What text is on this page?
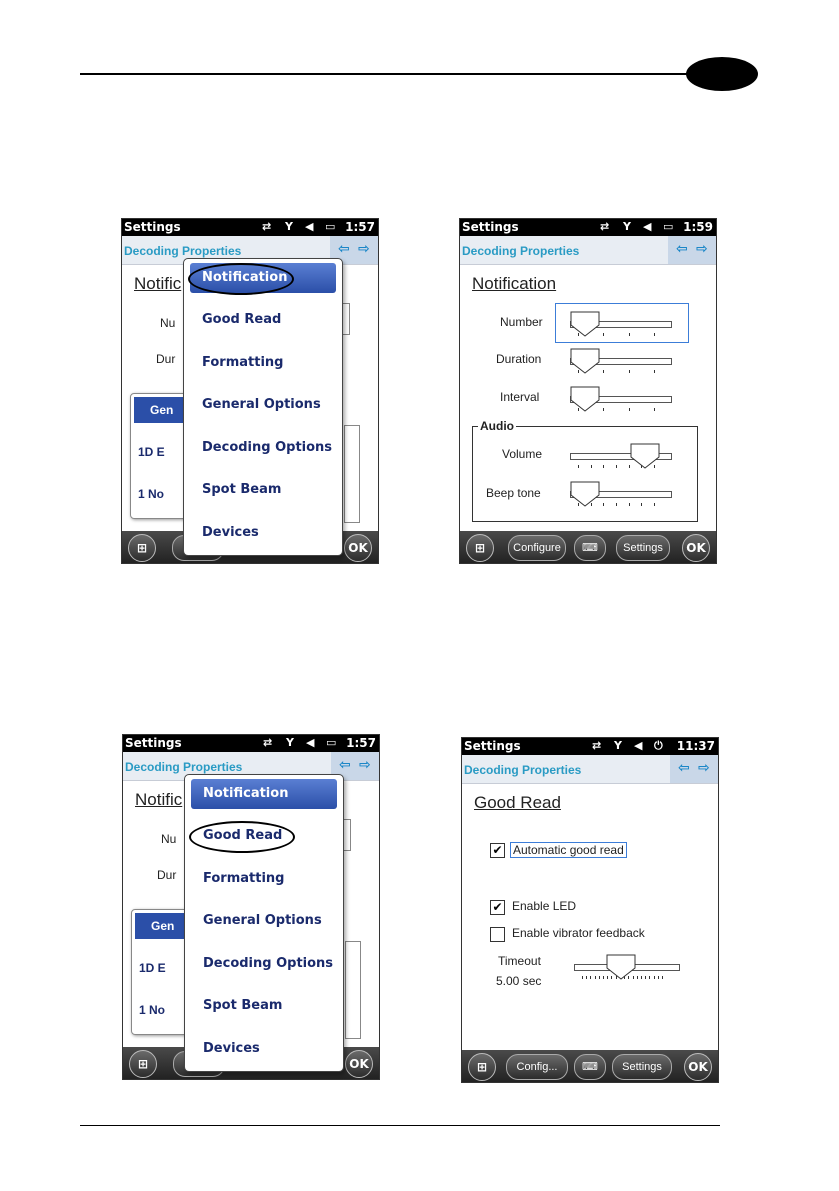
Settings	⇄ Y ◀ ▭ 1:57
Decoding Properties	⇦ ⇨
Notific
Nu
Dur
Gen
1D E
1 No
⊞	OK
Notification
Good Read
Formatting
General Options
Decoding Options
Spot Beam
Devices
Settings	⇄ Y ◀ ▭ 1:59
Decoding Properties	⇦ ⇨
Notification
Number
Duration
Interval
Audio
Volume
Beep tone
⊞	Configure	⌨	Settings	OK
Settings	⇄ Y ◀ ▭ 1:57
Decoding Properties	⇦ ⇨
Notific
Nu
Dur
Gen
1D E
1 No
⊞	OK
Notification
Good Read
Formatting
General Options
Decoding Options
Spot Beam
Devices
Settings	⇄ Y ◀ ⏻ 11:37
Decoding Properties	⇦ ⇨
Good Read
✔ Automatic good read
✔ Enable LED
Enable vibrator feedback
Timeout
5.00 sec
⊞	Config...	⌨	Settings	OK
